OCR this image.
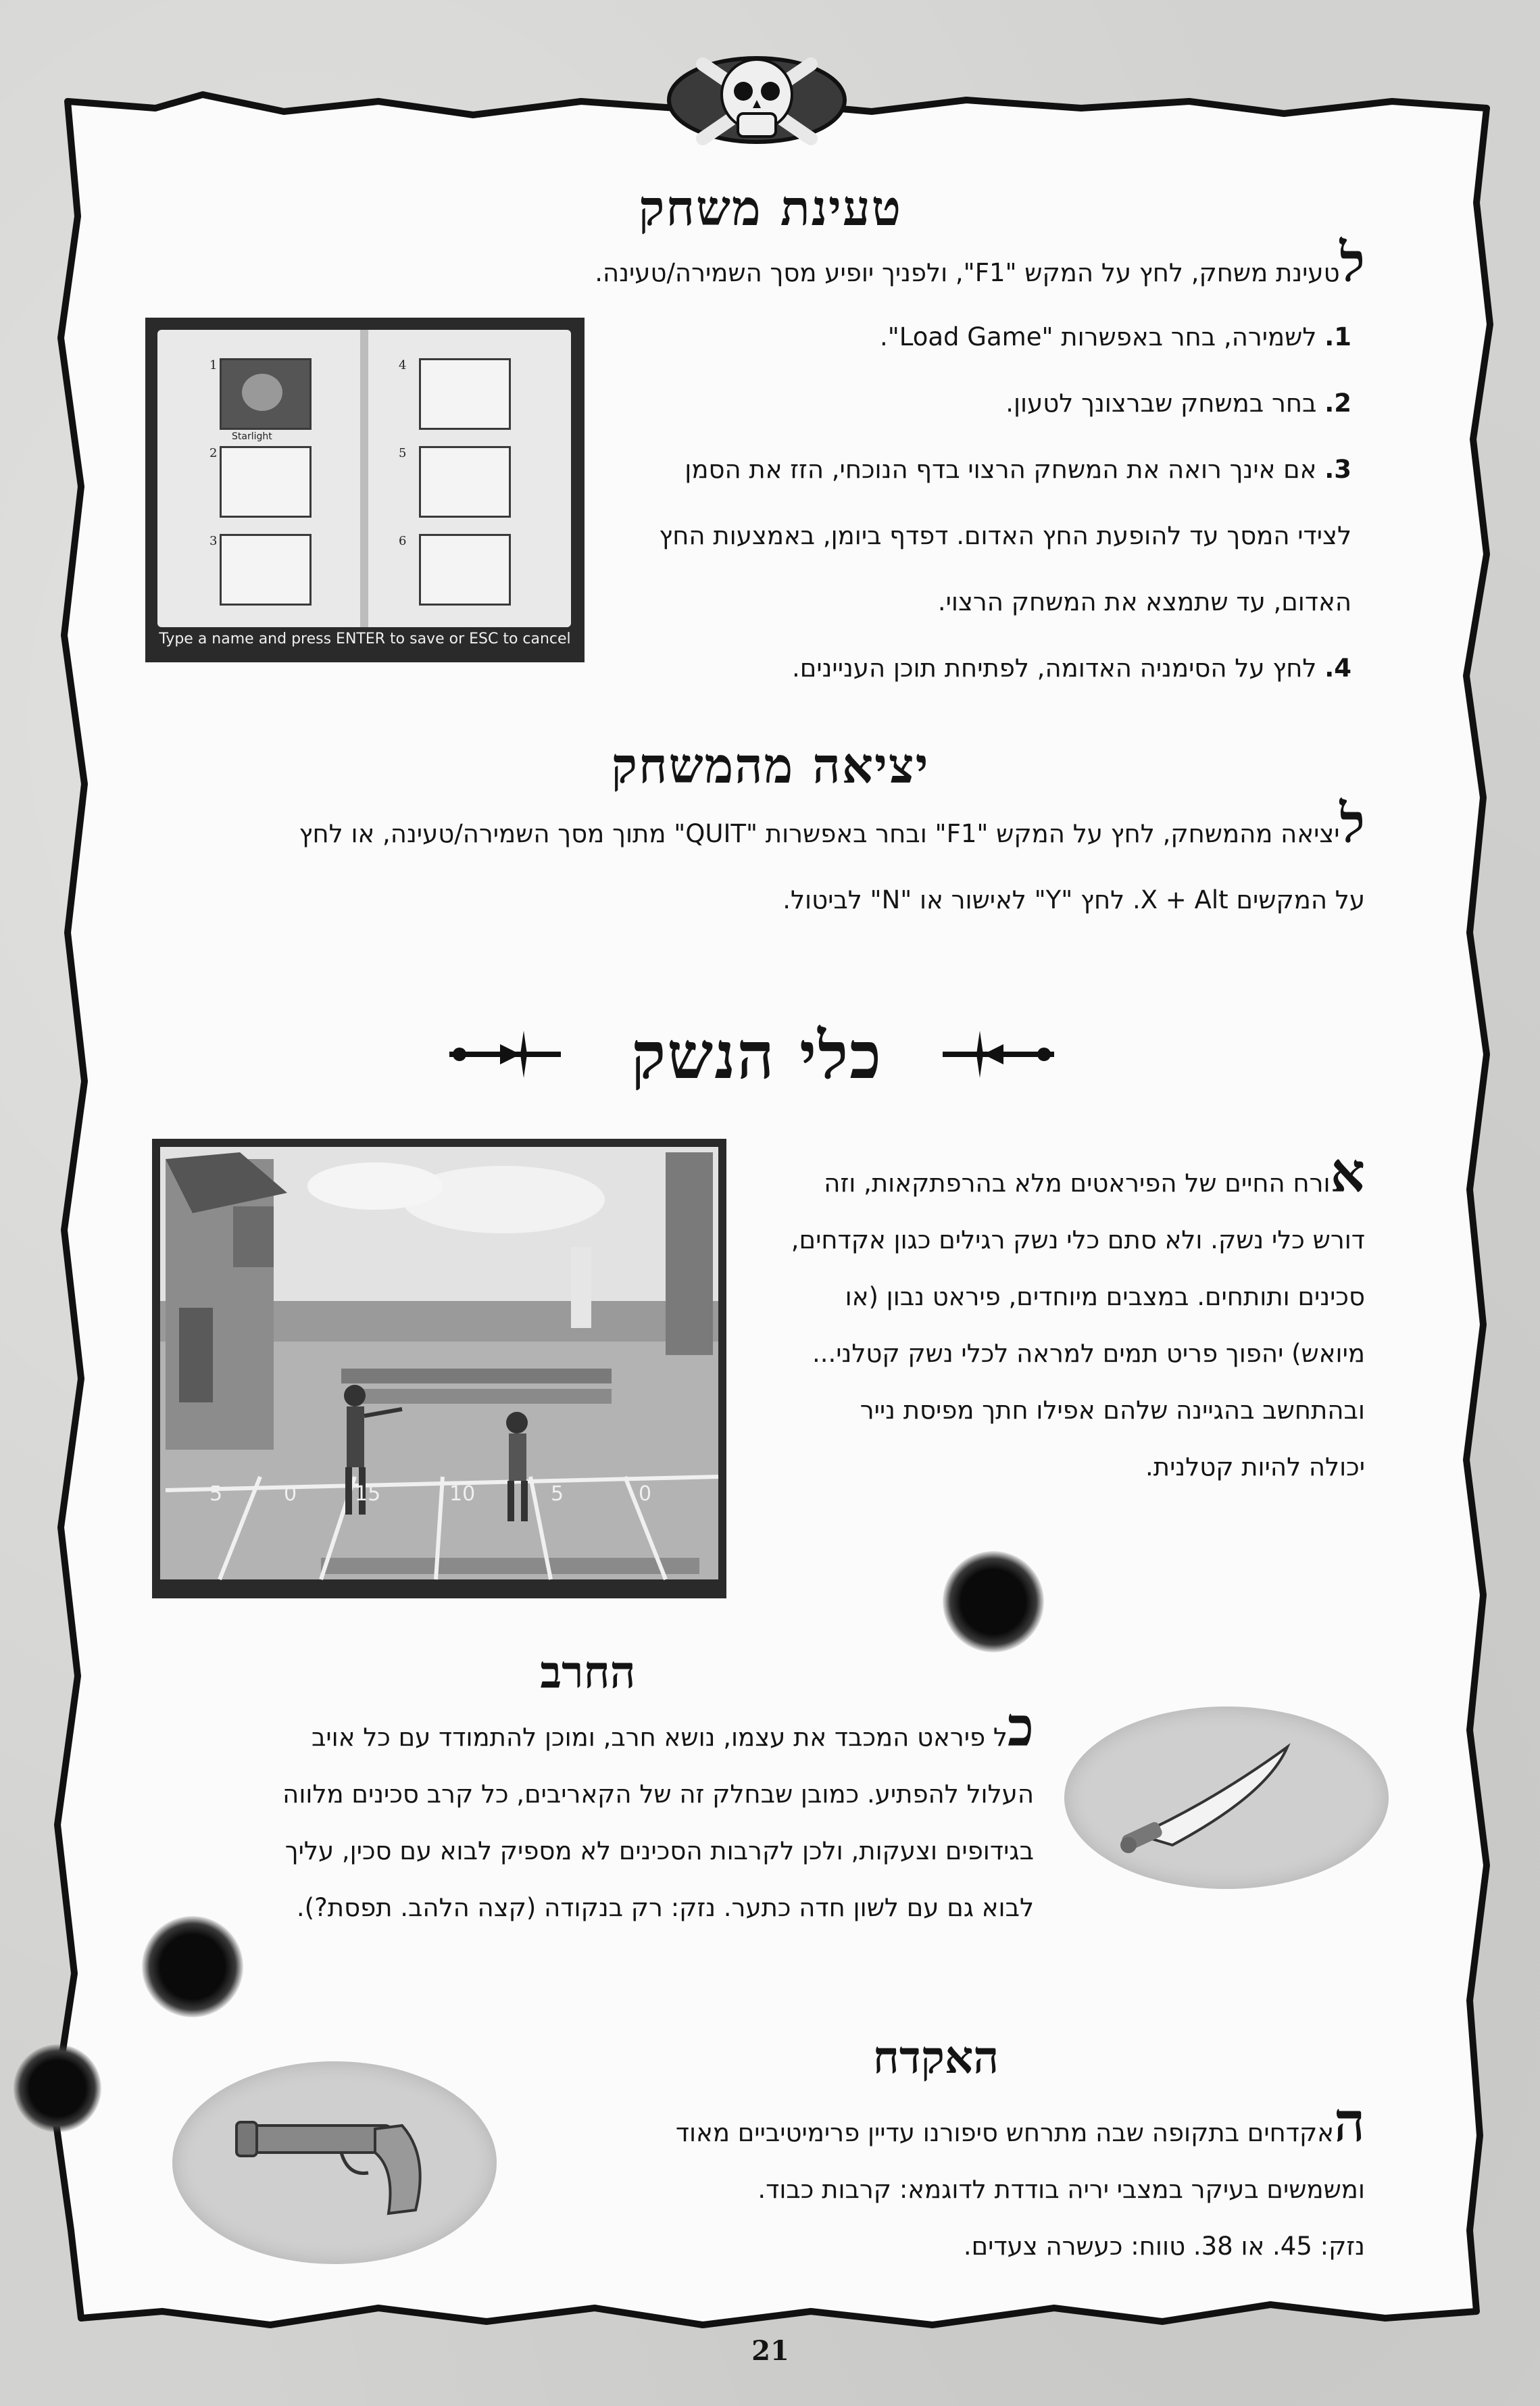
טעינת משחק
לטעינת משחק, לחץ על המקש "F1", ולפניך יופיע מסך השמירה/טעינה.
1. לשמירה, בחר באפשרות "Load Game".
2. בחר במשחק שברצונך לטעון.
3. אם אינך רואה את המשחק הרצוי בדף הנוכחי, הזז את הסמן
לצידי המסך עד להופעת החץ האדום. דפדף ביומן, באמצעות החץ
האדום, עד שתמצא את המשחק הרצוי.
4. לחץ על הסימניה האדומה, לפתיחת תוכן העניינים.
1
Starlight
2
3
4
5
6
Type a name and press ENTER to save or ESC to cancel
יציאה מהמשחק
ליציאה מהמשחק, לחץ על המקש "F1" ובחר באפשרות "QUIT" מתוך מסך השמירה/טעינה, או לחץ
על המקשים X + Alt. לחץ "Y" לאישור או "N" לביטול.
כלי הנשק
5	0	15	10	5	0
אורח החיים של הפיראטים מלא בהרפתקאות, וזה
דורש כלי נשק. ולא סתם כלי נשק רגילים כגון אקדחים,
סכינים ותותחים. במצבים מיוחדים, פיראט נבון (או
מיואש) יהפוך פריט תמים למראה לכלי נשק קטלני...
ובהתחשב בהגיינה שלהם אפילו חתך מפיסת נייר
יכולה להיות קטלנית.
החרב
כל פיראט המכבד את עצמו, נושא חרב, ומוכן להתמודד עם כל אויב
העלול להפתיע. כמובן שבחלק זה של הקאריבים, כל קרב סכינים מלווה
בגידופים וצעקות, ולכן לקרבות הסכינים לא מספיק לבוא עם סכין, עליך
לבוא גם עם לשון חדה כתער. נזק: רק בנקודה (קצה הלהב. תפסת?).
האקדח
האקדחים בתקופה שבה מתרחש סיפורנו עדיין פרימיטיביים מאוד
ומשמשים בעיקר במצבי יריה בודדת לדוגמא: קרבות כבוד.
נזק: 45. או 38. טווח: כעשרה צעדים.
21
